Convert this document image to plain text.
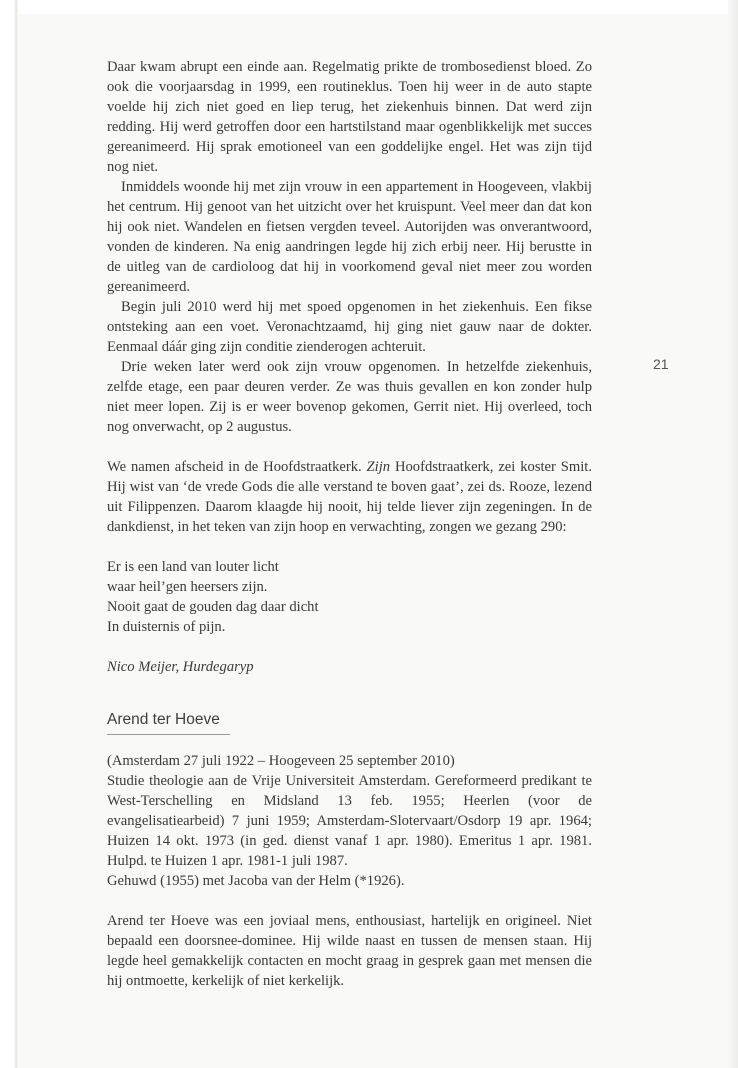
21

Daar kwam abrupt een einde aan. Regelmatig prikte de trombosedienst bloed. Zo ook die voorjaarsdag in 1999, een routineklus. Toen hij weer in de auto stapte voelde hij zich niet goed en liep terug, het ziekenhuis binnen. Dat werd zijn redding. Hij werd getroffen door een hartstilstand maar ogenblikkelijk met succes gereanimeerd. Hij sprak emotioneel van een goddelijke engel. Het was zijn tijd nog niet.

Inmiddels woonde hij met zijn vrouw in een appartement in Hoogeveen, vlakbij het centrum. Hij genoot van het uitzicht over het kruispunt. Veel meer dan dat kon hij ook niet. Wandelen en fietsen vergden teveel. Autorijden was onverantwoord, vonden de kinderen. Na enig aandringen legde hij zich erbij neer. Hij berustte in de uitleg van de cardioloog dat hij in voorkomend geval niet meer zou worden gereanimeerd.

Begin juli 2010 werd hij met spoed opgenomen in het ziekenhuis. Een fikse ontsteking aan een voet. Veronachtzaamd, hij ging niet gauw naar de dokter. Eenmaal dáár ging zijn conditie zienderogen achteruit.

Drie weken later werd ook zijn vrouw opgenomen. In hetzelfde ziekenhuis, zelfde etage, een paar deuren verder. Ze was thuis gevallen en kon zonder hulp niet meer lopen. Zij is er weer bovenop gekomen, Gerrit niet. Hij overleed, toch nog onverwacht, op 2 augustus.

We namen afscheid in de Hoofdstraatkerk. Zijn Hoofdstraatkerk, zei koster Smit. Hij wist van ‘de vrede Gods die alle verstand te boven gaat’, zei ds. Rooze, lezend uit Filippenzen. Daarom klaagde hij nooit, hij telde liever zijn zegeningen. In de dankdienst, in het teken van zijn hoop en verwachting, zongen we gezang 290:

Er is een land van louter licht
waar heil’gen heersers zijn.
Nooit gaat de gouden dag daar dicht
In duisternis of pijn.

Nico Meijer, Hurdegaryp

Arend ter Hoeve

(Amsterdam 27 juli 1922 – Hoogeveen 25 september 2010)

Studie theologie aan de Vrije Universiteit Amsterdam. Gereformeerd predikant te West-Terschelling en Midsland 13 feb. 1955; Heerlen (voor de evangelisatiearbeid) 7 juni 1959; Amsterdam-Slotervaart/Osdorp 19 apr. 1964; Huizen 14 okt. 1973 (in ged. dienst vanaf 1 apr. 1980). Emeritus 1 apr. 1981. Hulpd. te Huizen 1 apr. 1981-1 juli 1987.

Gehuwd (1955) met Jacoba van der Helm (*1926).

Arend ter Hoeve was een joviaal mens, enthousiast, hartelijk en origineel. Niet bepaald een doorsnee-dominee. Hij wilde naast en tussen de mensen staan. Hij legde heel gemakkelijk contacten en mocht graag in gesprek gaan met mensen die hij ontmoette, kerkelijk of niet kerkelijk.
